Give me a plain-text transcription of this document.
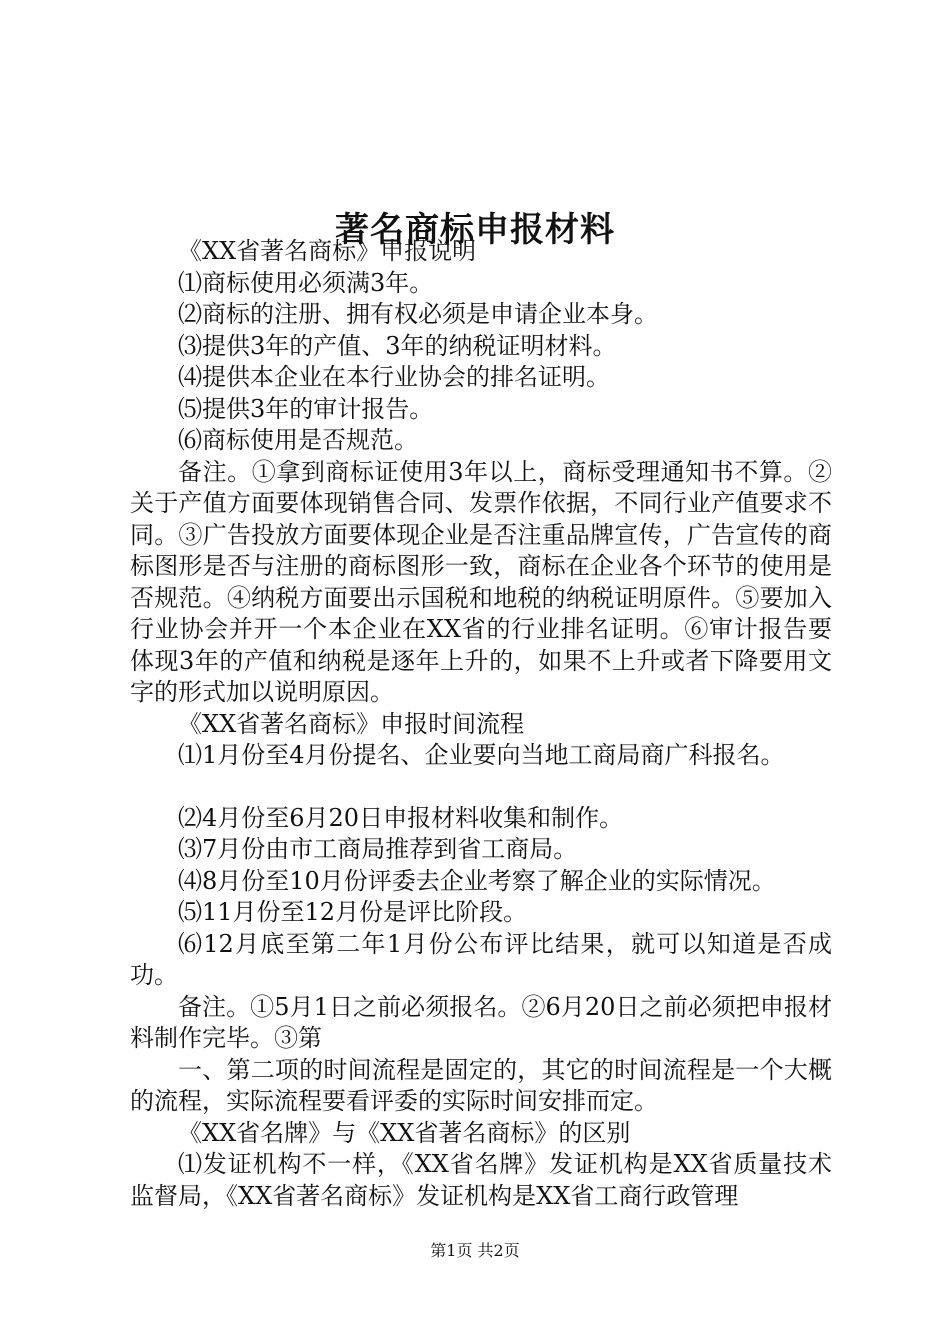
著名商标申报材料

《XX省著名商标》申报说明

⑴商标使用必须满3年。

⑵商标的注册、拥有权必须是申请企业本身。

⑶提供3年的产值、3年的纳税证明材料。

⑷提供本企业在本行业协会的排名证明。

⑸提供3年的审计报告。

⑹商标使用是否规范。

备注。①拿到商标证使用3年以上，商标受理通知书不算。②关于产值方面要体现销售合同、发票作依据，不同行业产值要求不同。③广告投放方面要体现企业是否注重品牌宣传，广告宣传的商标图形是否与注册的商标图形一致，商标在企业各个环节的使用是否规范。④纳税方面要出示国税和地税的纳税证明原件。⑤要加入行业协会并开一个本企业在XX省的行业排名证明。⑥审计报告要体现3年的产值和纳税是逐年上升的，如果不上升或者下降要用文字的形式加以说明原因。

《XX省著名商标》申报时间流程

⑴1月份至4月份提名、企业要向当地工商局商广科报名。

⑵4月份至6月20日申报材料收集和制作。

⑶7月份由市工商局推荐到省工商局。

⑷8月份至10月份评委去企业考察了解企业的实际情况。

⑸11月份至12月份是评比阶段。

⑹12月底至第二年1月份公布评比结果，就可以知道是否成功。

备注。①5月1日之前必须报名。②6月20日之前必须把申报材料制作完毕。③第

一、第二项的时间流程是固定的，其它的时间流程是一个大概的流程，实际流程要看评委的实际时间安排而定。

《XX省名牌》与《XX省著名商标》的区别

⑴发证机构不一样，《XX省名牌》发证机构是XX省质量技术监督局，《XX省著名商标》发证机构是XX省工商行政管理

第1页 共2页
